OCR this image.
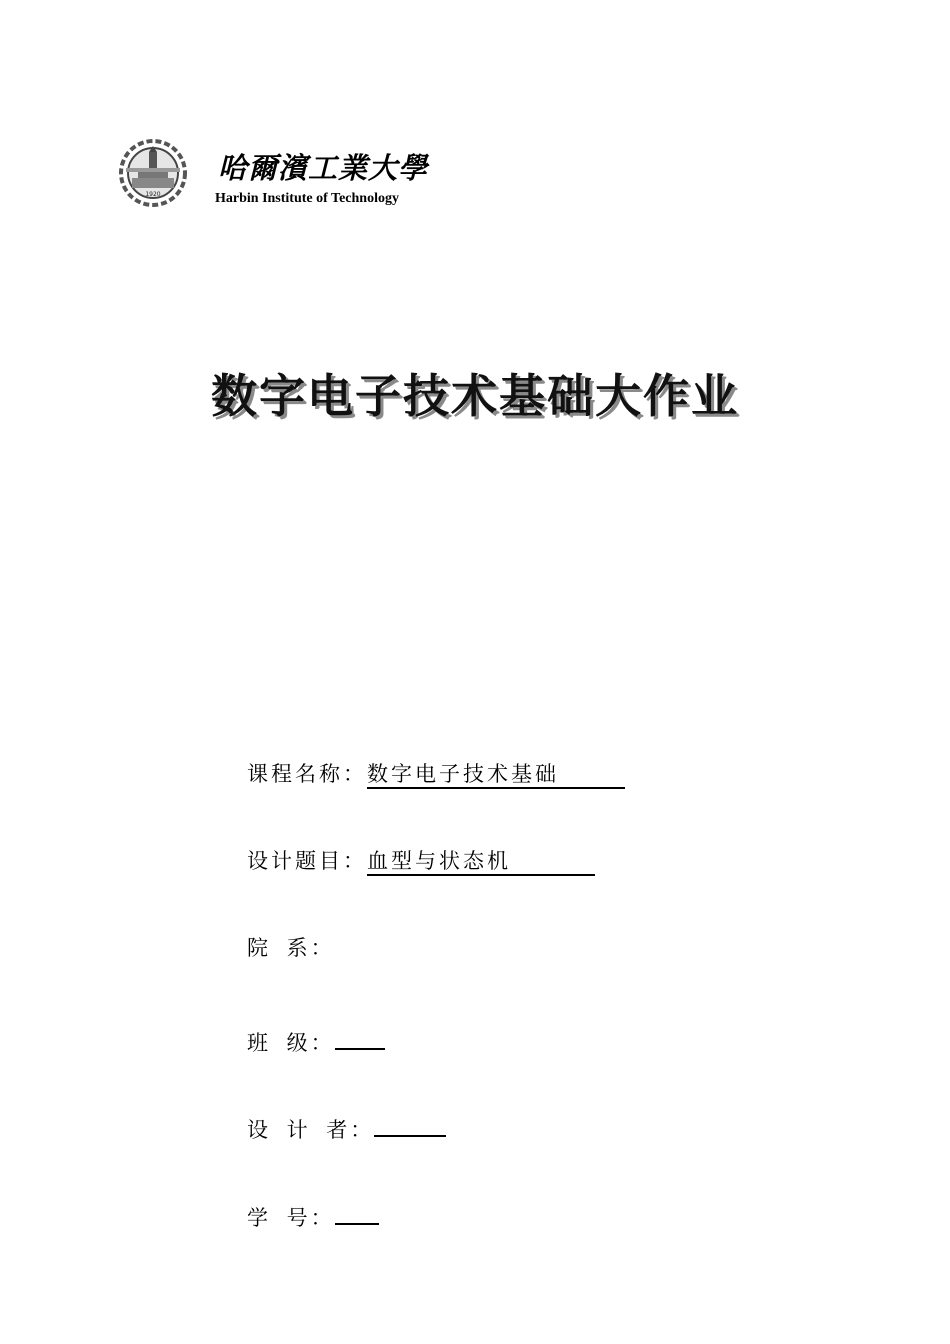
1920
哈爾濱工業大學
Harbin Institute of Technology
数字电子技术基础大作业
课程名称：数字电子技术基础
设计题目：血型与状态机
院 系：
班 级：
设 计 者：
学 号：
